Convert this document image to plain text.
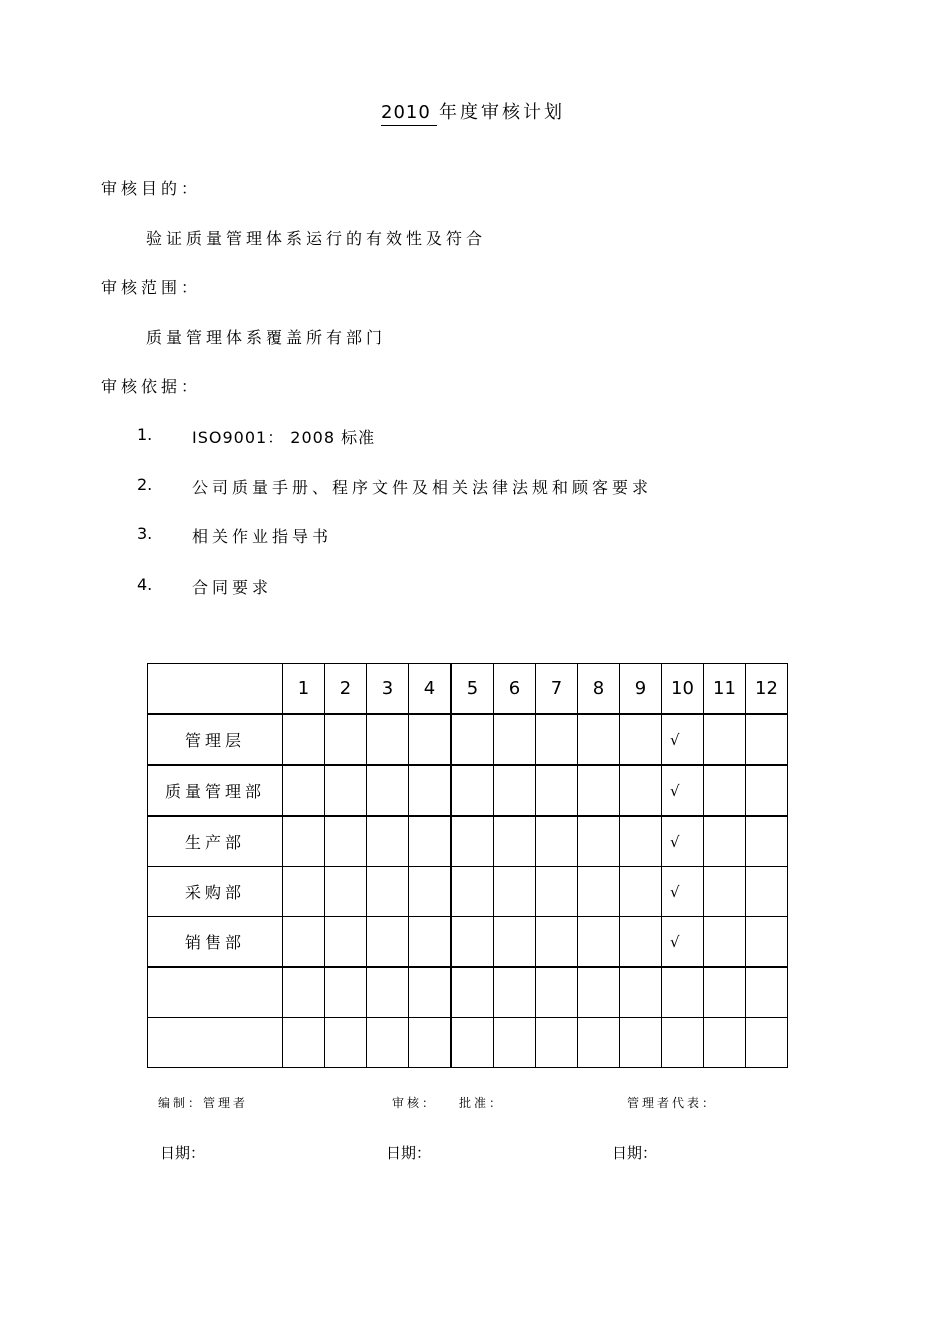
2010 年度审核计划
审核目的：
验证质量管理体系运行的有效性及符合
审核范围：
质量管理体系覆盖所有部门
审核依据：
1. ISO9001： 2008 标准
2. 公司质量手册、程序文件及相关法律法规和顾客要求
3. 相关作业指导书
4. 合同要求
	1	2	3	4	5	6	7	8	9	10	11	12
管理层										√		
质量管理部										√		
生产部										√		
采购部										√		
销售部										√		

编制：管理者	审核： 批准：	管理者代表：
日期：	日期：	日期：
